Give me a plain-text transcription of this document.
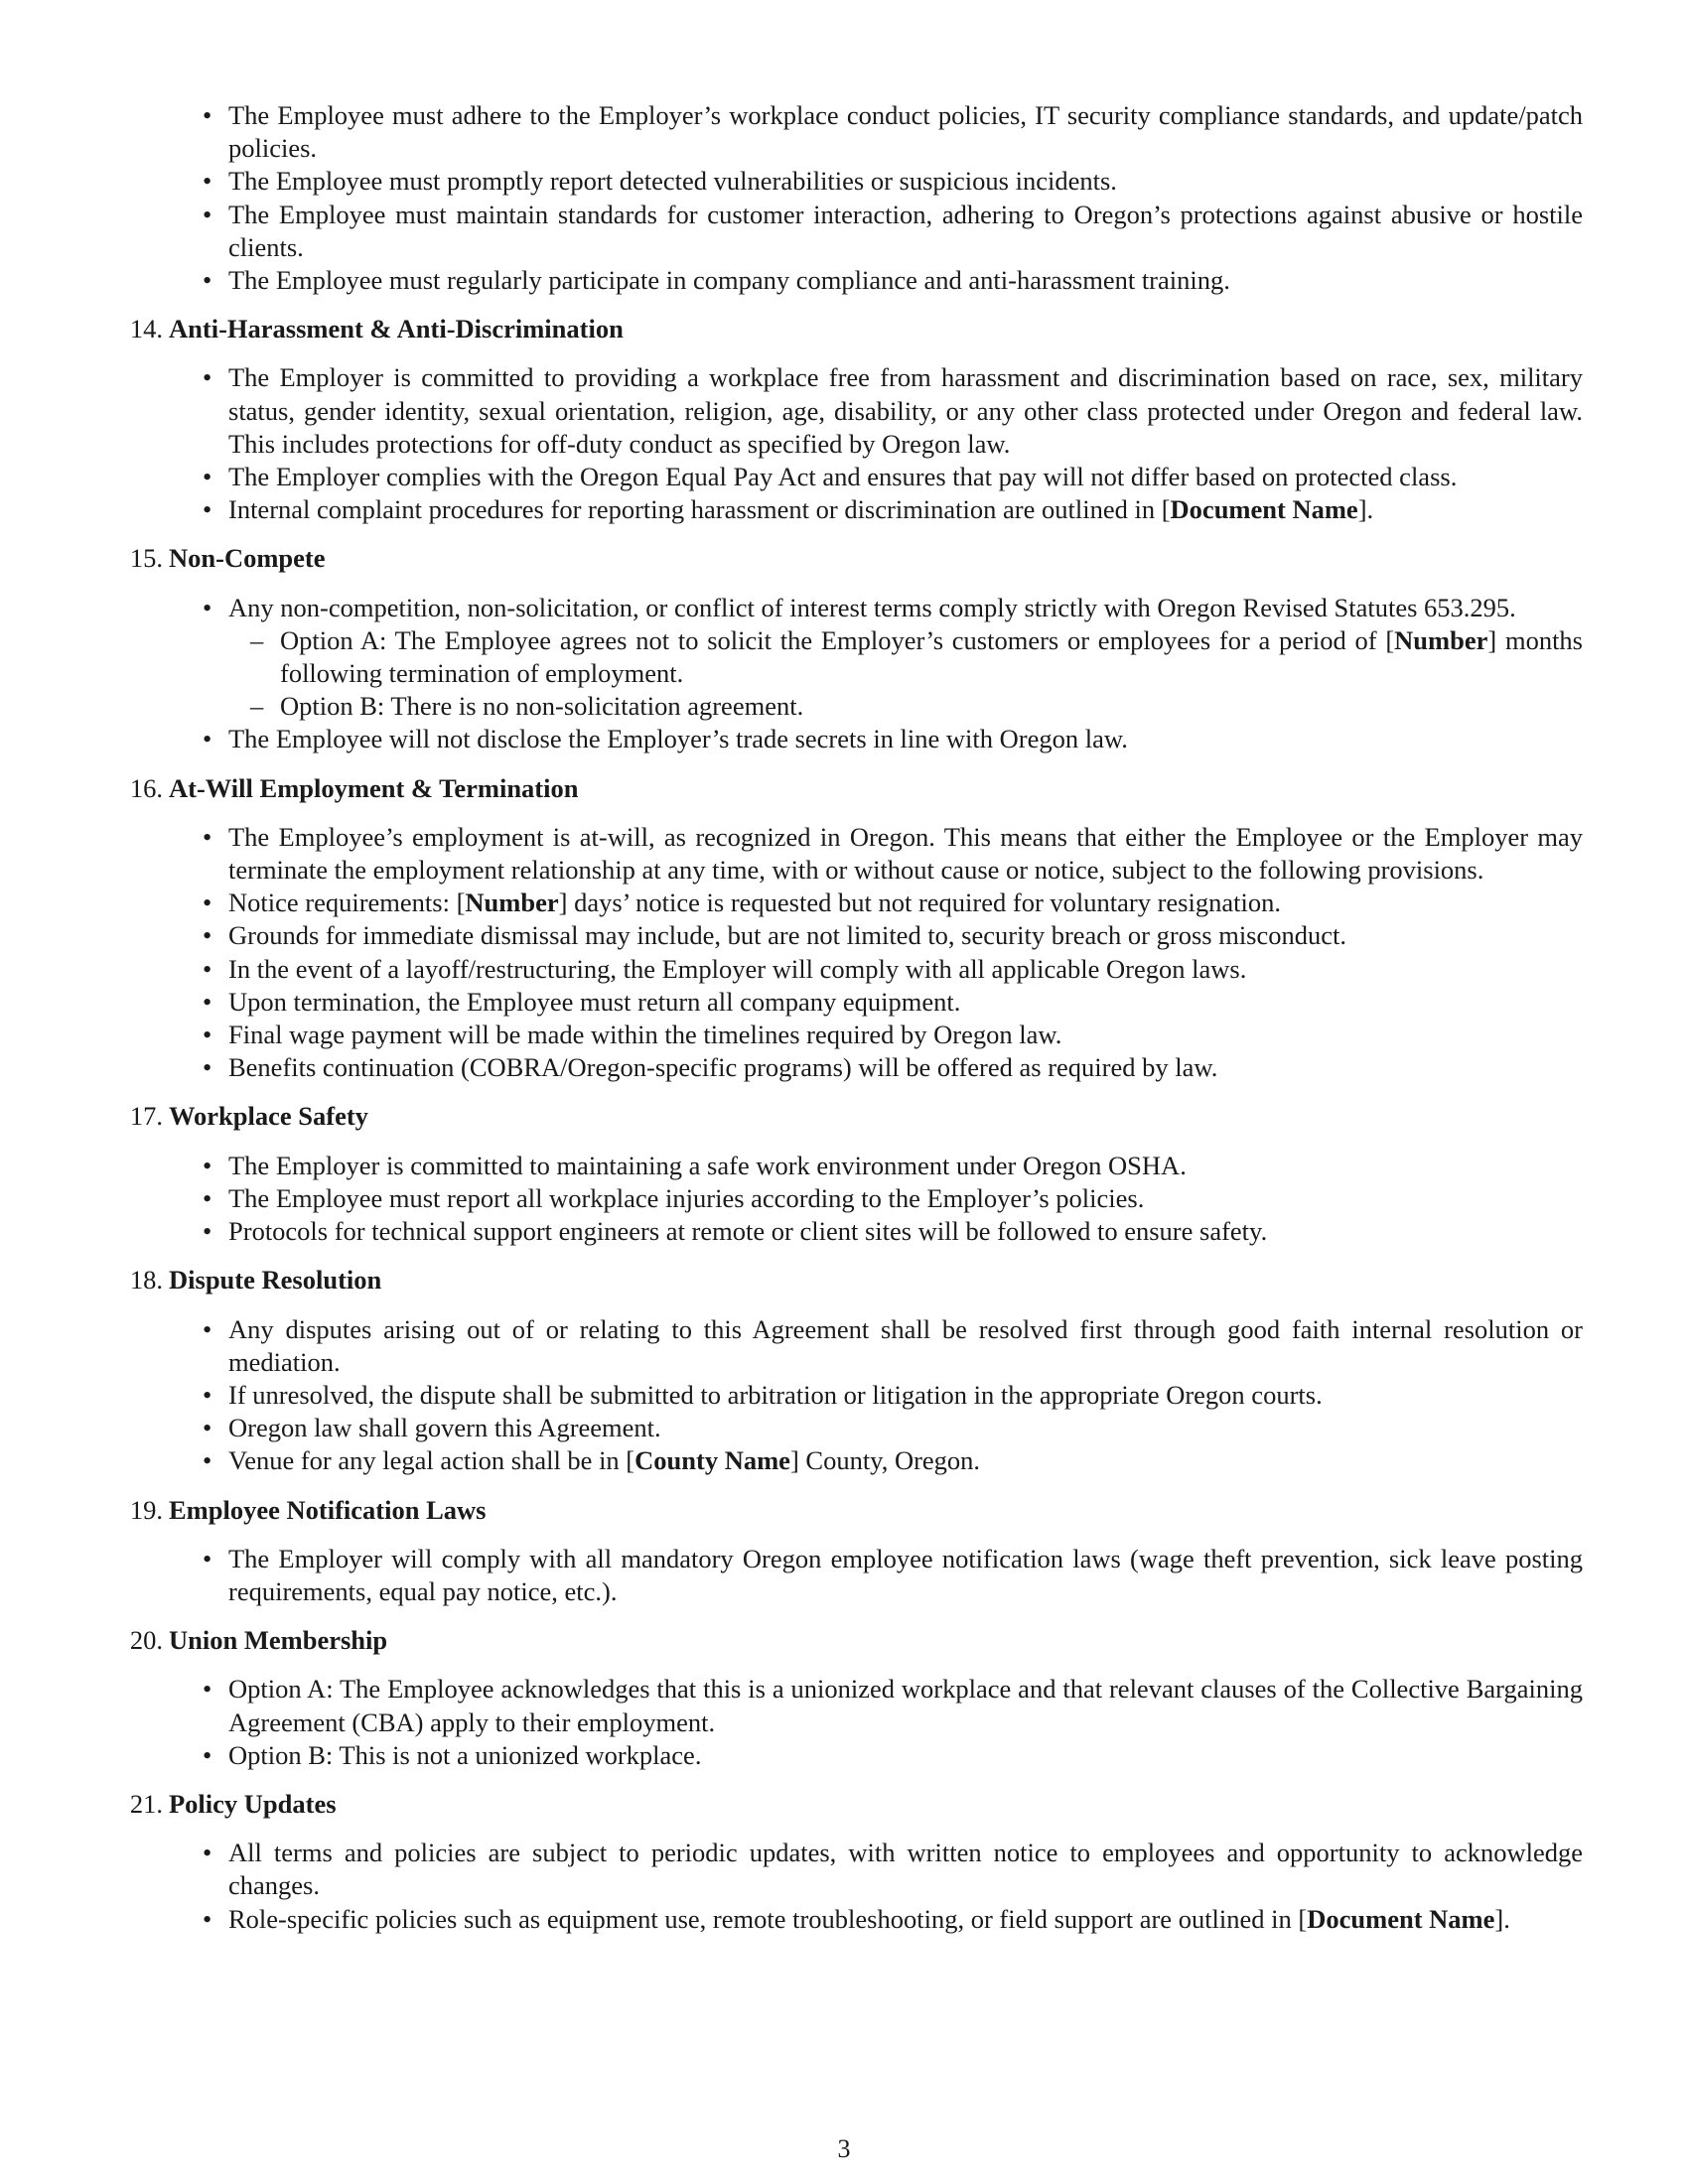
• The Employee must adhere to the Employer’s workplace conduct policies, IT security compliance standards, and update/patch policies.
• The Employee must promptly report detected vulnerabilities or suspicious incidents.
• The Employee must maintain standards for customer interaction, adhering to Oregon’s protections against abusive or hostile clients.
• The Employee must regularly participate in company compliance and anti-harassment training.
14. Anti-Harassment & Anti-Discrimination
• The Employer is committed to providing a workplace free from harassment and discrimination based on race, sex, military status, gender identity, sexual orientation, religion, age, disability, or any other class protected under Oregon and federal law. This includes protections for off-duty conduct as specified by Oregon law.
• The Employer complies with the Oregon Equal Pay Act and ensures that pay will not differ based on protected class.
• Internal complaint procedures for reporting harassment or discrimination are outlined in [Document Name].
15. Non-Compete
• Any non-competition, non-solicitation, or conflict of interest terms comply strictly with Oregon Revised Statutes 653.295.
– Option A: The Employee agrees not to solicit the Employer’s customers or employees for a period of [Number] months following termination of employment.
– Option B: There is no non-solicitation agreement.
• The Employee will not disclose the Employer’s trade secrets in line with Oregon law.
16. At-Will Employment & Termination
• The Employee’s employment is at-will, as recognized in Oregon. This means that either the Employee or the Employer may terminate the employment relationship at any time, with or without cause or notice, subject to the following provisions.
• Notice requirements: [Number] days’ notice is requested but not required for voluntary resignation.
• Grounds for immediate dismissal may include, but are not limited to, security breach or gross misconduct.
• In the event of a layoff/restructuring, the Employer will comply with all applicable Oregon laws.
• Upon termination, the Employee must return all company equipment.
• Final wage payment will be made within the timelines required by Oregon law.
• Benefits continuation (COBRA/Oregon-specific programs) will be offered as required by law.
17. Workplace Safety
• The Employer is committed to maintaining a safe work environment under Oregon OSHA.
• The Employee must report all workplace injuries according to the Employer’s policies.
• Protocols for technical support engineers at remote or client sites will be followed to ensure safety.
18. Dispute Resolution
• Any disputes arising out of or relating to this Agreement shall be resolved first through good faith internal resolution or mediation.
• If unresolved, the dispute shall be submitted to arbitration or litigation in the appropriate Oregon courts.
• Oregon law shall govern this Agreement.
• Venue for any legal action shall be in [County Name] County, Oregon.
19. Employee Notification Laws
• The Employer will comply with all mandatory Oregon employee notification laws (wage theft prevention, sick leave posting requirements, equal pay notice, etc.).
20. Union Membership
• Option A: The Employee acknowledges that this is a unionized workplace and that relevant clauses of the Collective Bargaining Agreement (CBA) apply to their employment.
• Option B: This is not a unionized workplace.
21. Policy Updates
• All terms and policies are subject to periodic updates, with written notice to employees and opportunity to acknowledge changes.
• Role-specific policies such as equipment use, remote troubleshooting, or field support are outlined in [Document Name].
3
